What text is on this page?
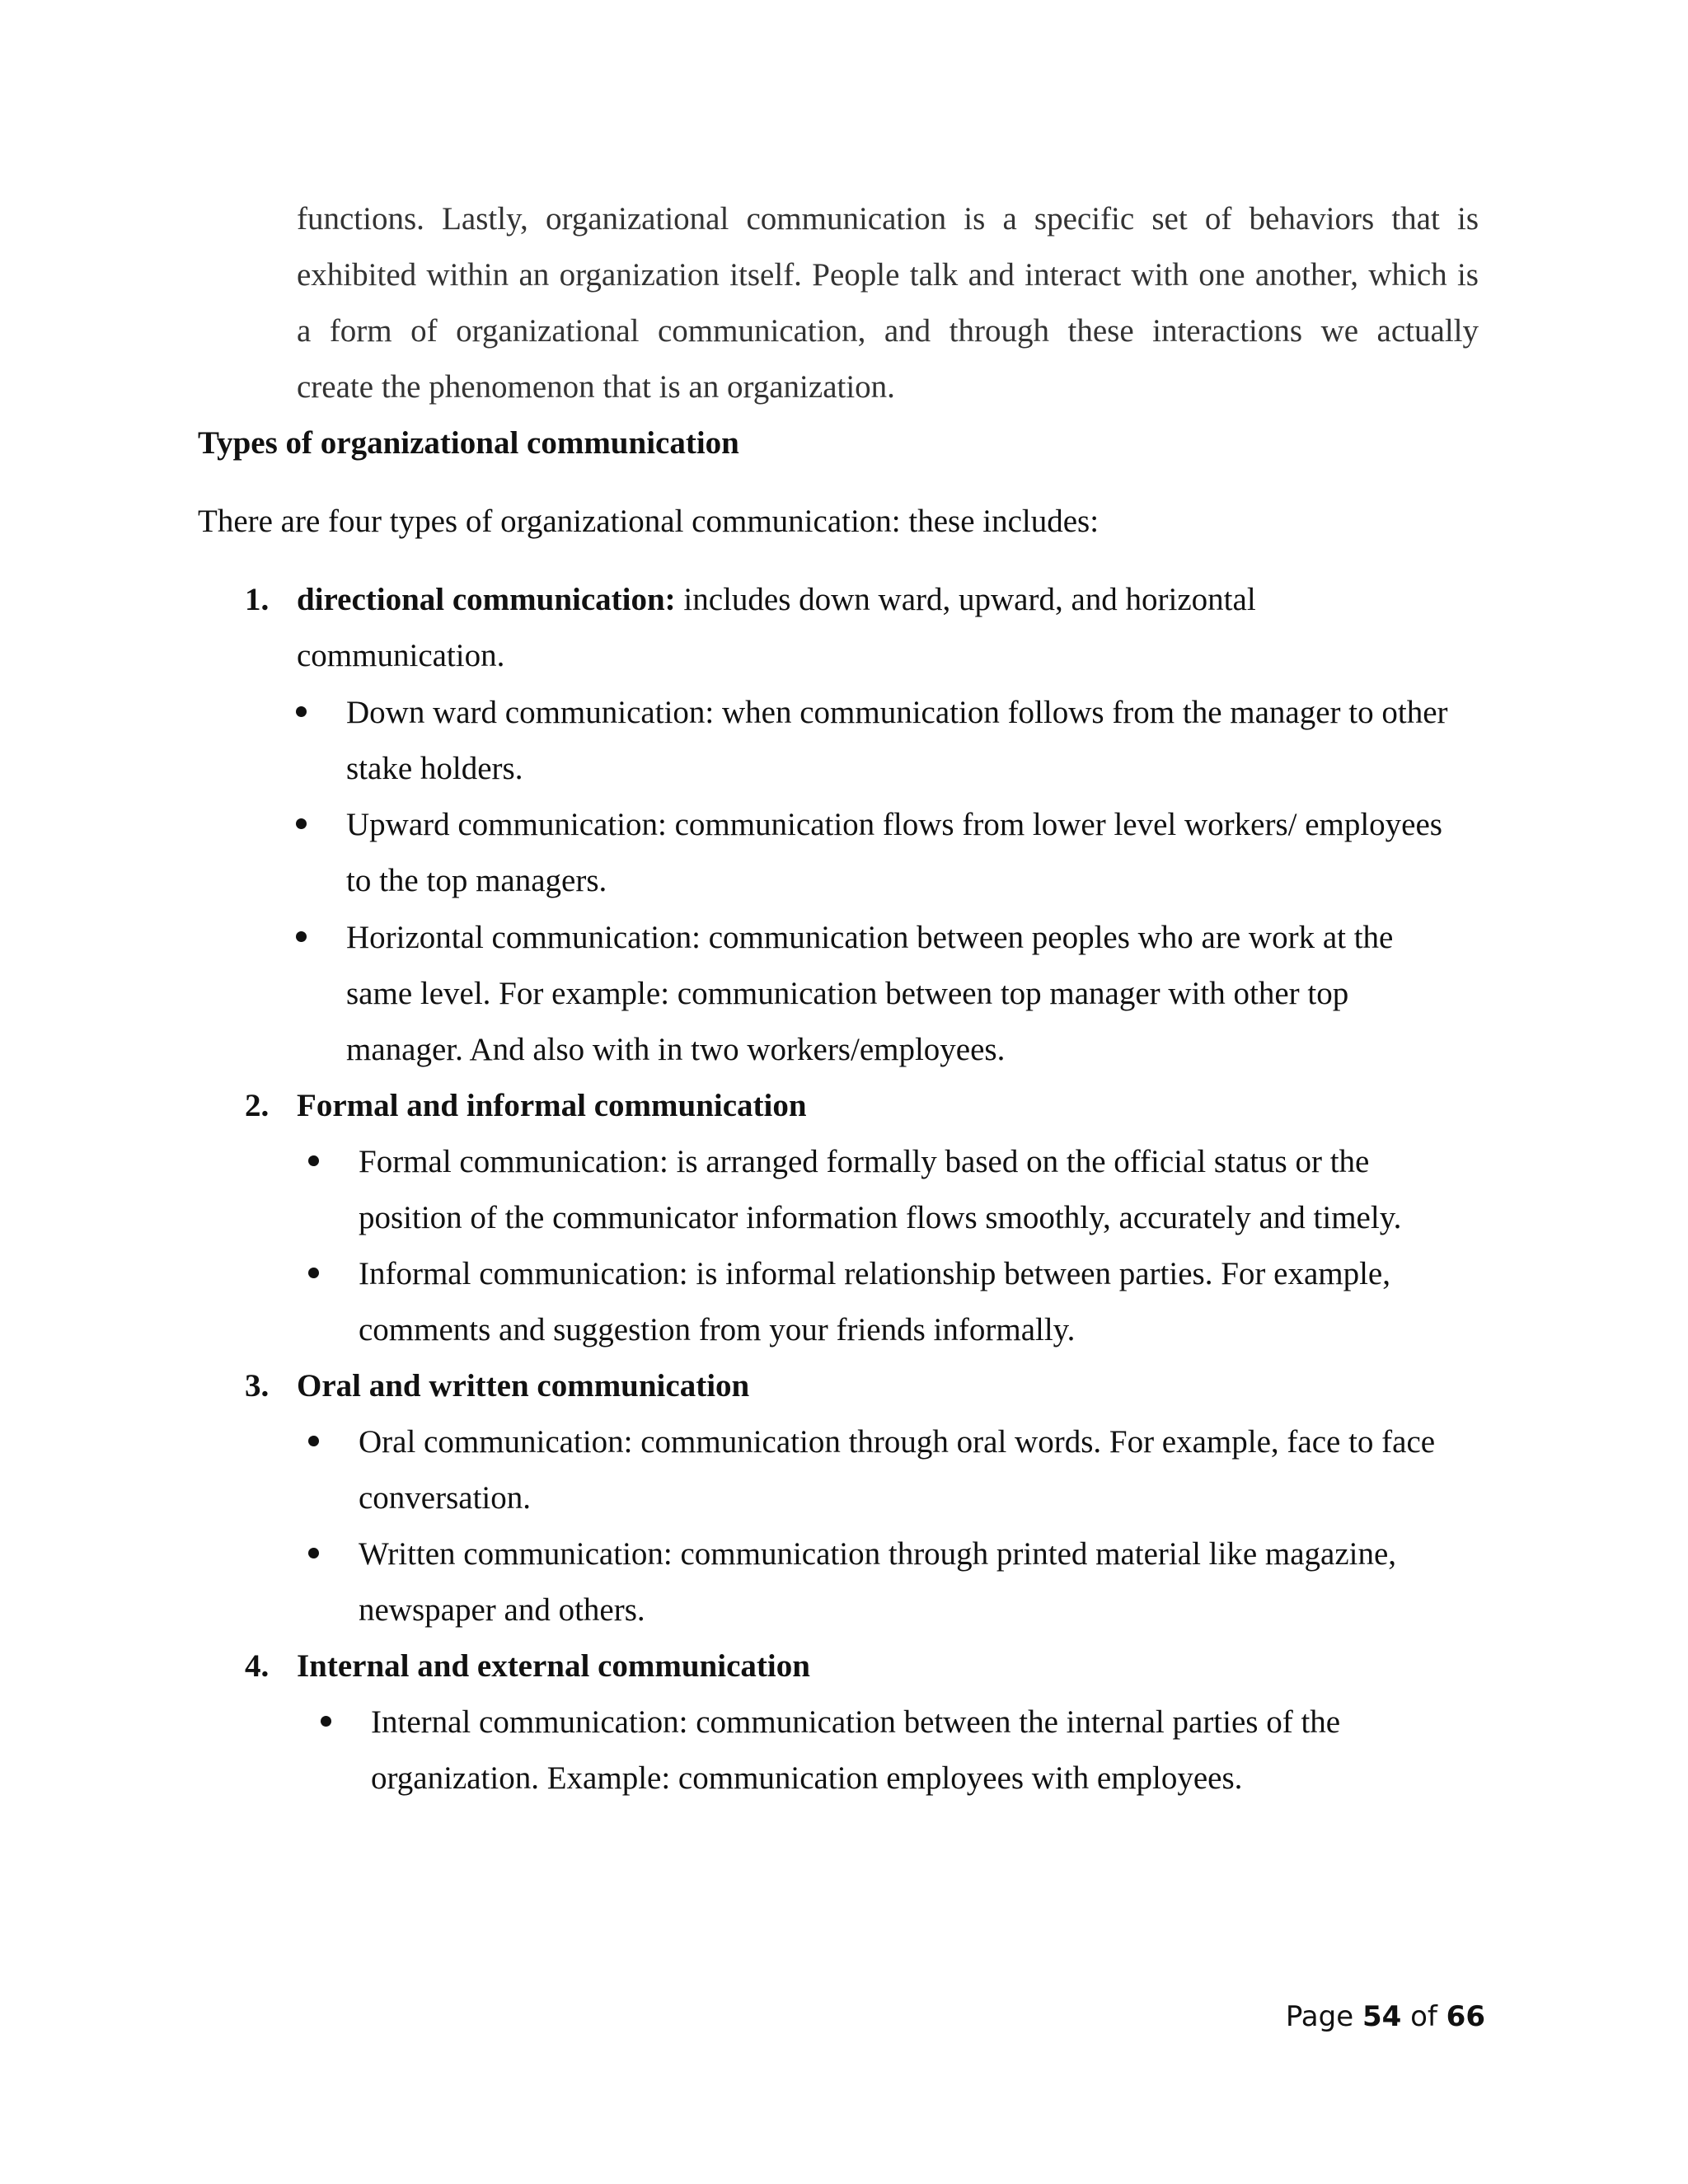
functions. Lastly, organizational communication is a specific set of behaviors that is
exhibited within an organization itself. People talk and interact with one another, which is
a form of organizational communication, and through these interactions we actually
create the phenomenon that is an organization.
Types of organizational communication
There are four types of organizational communication: these includes:
1. directional communication: includes down ward, upward, and horizontal
communication.
Down ward communication: when communication follows from the manager to other
stake holders.
Upward communication: communication flows from lower level workers/ employees
to the top managers.
Horizontal communication: communication between peoples who are work at the
same level. For example: communication between top manager with other top
manager. And also with in two workers/employees.
2. Formal and informal communication
Formal communication: is arranged formally based on the official status or the
position of the communicator information flows smoothly, accurately and timely.
Informal communication: is informal relationship between parties. For example,
comments and suggestion from your friends informally.
3. Oral and written communication
Oral communication: communication through oral words. For example, face to face
conversation.
Written communication: communication through printed material like magazine,
newspaper and others.
4. Internal and external communication
Internal communication: communication between the internal parties of the
organization. Example: communication employees with employees.
Page 54 of 66
